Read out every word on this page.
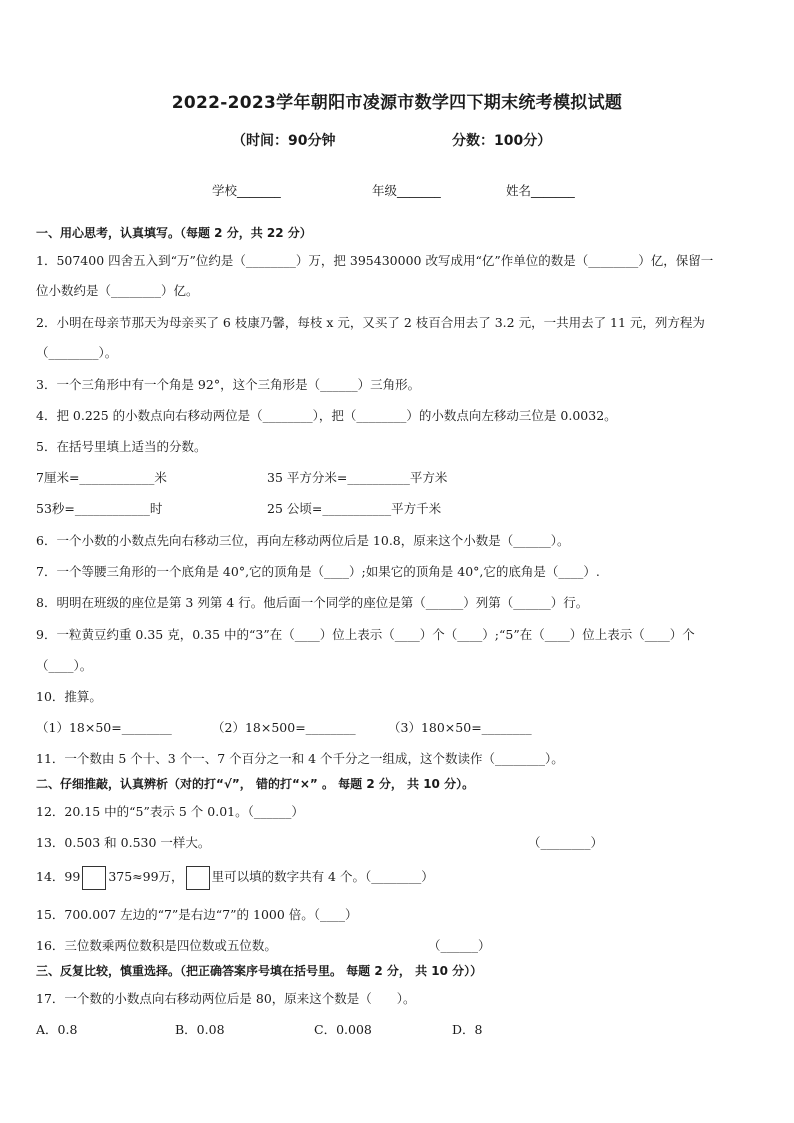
2022-2023学年朝阳市凌源市数学四下期末统考模拟试题
（时间：90分钟	分数：100分）
学校_______	年级_______	姓名_______
一、用心思考，认真填写。（每题 2 分，共 22 分）
1．507400 四舍五入到“万”位约是（________）万，把 395430000 改写成用“亿”作单位的数是（________）亿，保留一
位小数约是（________）亿。
2．小明在母亲节那天为母亲买了 6 枝康乃馨，每枝 x 元，又买了 2 枝百合用去了 3.2 元，一共用去了 11 元，列方程为
（________）。
3．一个三角形中有一个角是 92°，这个三角形是（______）三角形。
4．把 0.225 的小数点向右移动两位是（________），把（________）的小数点向左移动三位是 0.0032。
5．在括号里填上适当的分数。
7厘米=____________米	35 平方分米=__________平方米
53秒=____________时	25 公顷=___________平方千米
6．一个小数的小数点先向右移动三位，再向左移动两位后是 10.8，原来这个小数是（______）。
7．一个等腰三角形的一个底角是 40°,它的顶角是（____）;如果它的顶角是 40°,它的底角是（____）.
8．明明在班级的座位是第 3 列第 4 行。他后面一个同学的座位是第（______）列第（______）行。
9．一粒黄豆约重 0.35 克，0.35 中的“3”在（____）位上表示（____）个（____）;“5”在（____）位上表示（____）个
（____）。
10．推算。
（1）18×50=________	（2）18×500=________	（3）180×50=________
11．一个数由 5 个十、3 个一、7 个百分之一和 4 个千分之一组成，这个数读作（________）。
二、仔细推敲，认真辨析（对的打“√”， 错的打“×” 。 每题 2 分， 共 10 分）。
12．20.15 中的“5”表示 5 个 0.01。（______）
13．0.503 和 0.530 一样大。	（________）
14．99 375≈99万， 里可以填的数字共有 4 个。（________）
15．700.007 左边的“7”是右边“7”的 1000 倍。（____）
16．三位数乘两位数积是四位数或五位数。	（______）
三、反复比较，慎重选择。（把正确答案序号填在括号里。 每题 2 分， 共 10 分））
17．一个数的小数点向右移动两位后是 80，原来这个数是（　　）。
A．0.8	B．0.08	C．0.008	D．8
